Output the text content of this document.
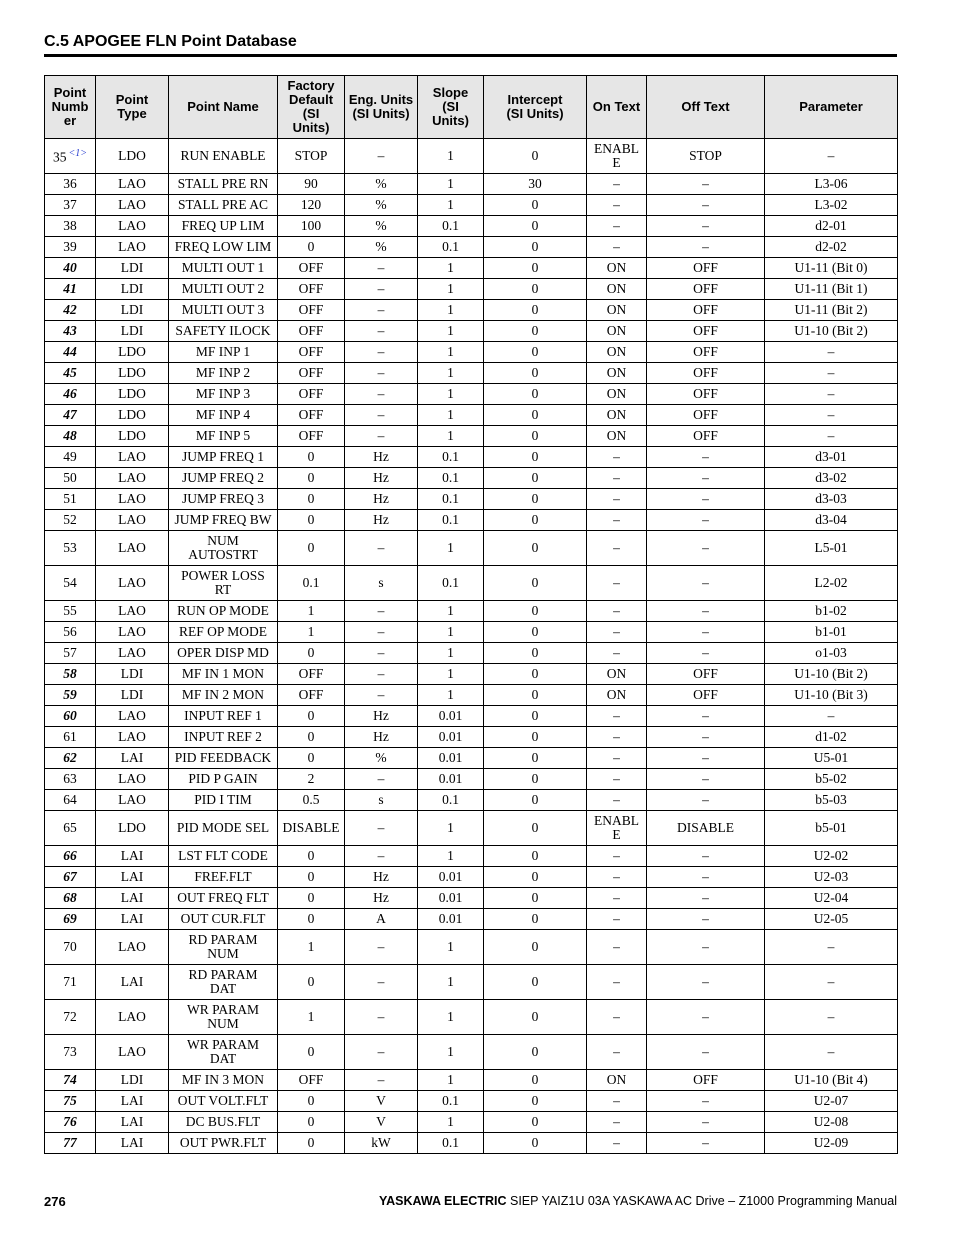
C.5 APOGEE FLN Point Database
Point
Numb
er	Point
Type	Point Name	Factory
Default
(SI
Units)	Eng. Units
(SI Units)	Slope
(SI
Units)	Intercept
(SI Units)	On Text	Off Text	Parameter
35 $^{<1>}$	LDO	RUN ENABLE	STOP	–	1	0	ENABL
E	STOP	–
36	LAO	STALL PRE RN	90	%	1	30	–	–	L3-06
37	LAO	STALL PRE AC	120	%	1	0	–	–	L3-02
38	LAO	FREQ UP LIM	100	%	0.1	0	–	–	d2-01
39	LAO	FREQ LOW LIM	0	%	0.1	0	–	–	d2-02
40	LDI	MULTI OUT 1	OFF	–	1	0	ON	OFF	U1-11 (Bit 0)
41	LDI	MULTI OUT 2	OFF	–	1	0	ON	OFF	U1-11 (Bit 1)
42	LDI	MULTI OUT 3	OFF	–	1	0	ON	OFF	U1-11 (Bit 2)
43	LDI	SAFETY ILOCK	OFF	–	1	0	ON	OFF	U1-10 (Bit 2)
44	LDO	MF INP 1	OFF	–	1	0	ON	OFF	–
45	LDO	MF INP 2	OFF	–	1	0	ON	OFF	–
46	LDO	MF INP 3	OFF	–	1	0	ON	OFF	–
47	LDO	MF INP 4	OFF	–	1	0	ON	OFF	–
48	LDO	MF INP 5	OFF	–	1	0	ON	OFF	–
49	LAO	JUMP FREQ 1	0	Hz	0.1	0	–	–	d3-01
50	LAO	JUMP FREQ 2	0	Hz	0.1	0	–	–	d3-02
51	LAO	JUMP FREQ 3	0	Hz	0.1	0	–	–	d3-03
52	LAO	JUMP FREQ BW	0	Hz	0.1	0	–	–	d3-04
53	LAO	NUM
AUTOSTRT	0	–	1	0	–	–	L5-01
54	LAO	POWER LOSS
RT	0.1	s	0.1	0	–	–	L2-02
55	LAO	RUN OP MODE	1	–	1	0	–	–	b1-02
56	LAO	REF OP MODE	1	–	1	0	–	–	b1-01
57	LAO	OPER DISP MD	0	–	1	0	–	–	o1-03
58	LDI	MF IN 1 MON	OFF	–	1	0	ON	OFF	U1-10 (Bit 2)
59	LDI	MF IN 2 MON	OFF	–	1	0	ON	OFF	U1-10 (Bit 3)
60	LAO	INPUT REF 1	0	Hz	0.01	0	–	–	–
61	LAO	INPUT REF 2	0	Hz	0.01	0	–	–	d1-02
62	LAI	PID FEEDBACK	0	%	0.01	0	–	–	U5-01
63	LAO	PID P GAIN	2	–	0.01	0	–	–	b5-02
64	LAO	PID I TIM	0.5	s	0.1	0	–	–	b5-03
65	LDO	PID MODE SEL	DISABLE	–	1	0	ENABL
E	DISABLE	b5-01
66	LAI	LST FLT CODE	0	–	1	0	–	–	U2-02
67	LAI	FREF.FLT	0	Hz	0.01	0	–	–	U2-03
68	LAI	OUT FREQ FLT	0	Hz	0.01	0	–	–	U2-04
69	LAI	OUT CUR.FLT	0	A	0.01	0	–	–	U2-05
70	LAO	RD PARAM
NUM	1	–	1	0	–	–	–
71	LAI	RD PARAM
DAT	0	–	1	0	–	–	–
72	LAO	WR PARAM
NUM	1	–	1	0	–	–	–
73	LAO	WR PARAM
DAT	0	–	1	0	–	–	–
74	LDI	MF IN 3 MON	OFF	–	1	0	ON	OFF	U1-10 (Bit 4)
75	LAI	OUT VOLT.FLT	0	V	0.1	0	–	–	U2-07
76	LAI	DC BUS.FLT	0	V	1	0	–	–	U2-08
77	LAI	OUT PWR.FLT	0	kW	0.1	0	–	–	U2-09
276	YASKAWA ELECTRIC SIEP YAIZ1U 03A YASKAWA AC Drive – Z1000 Programming Manual
